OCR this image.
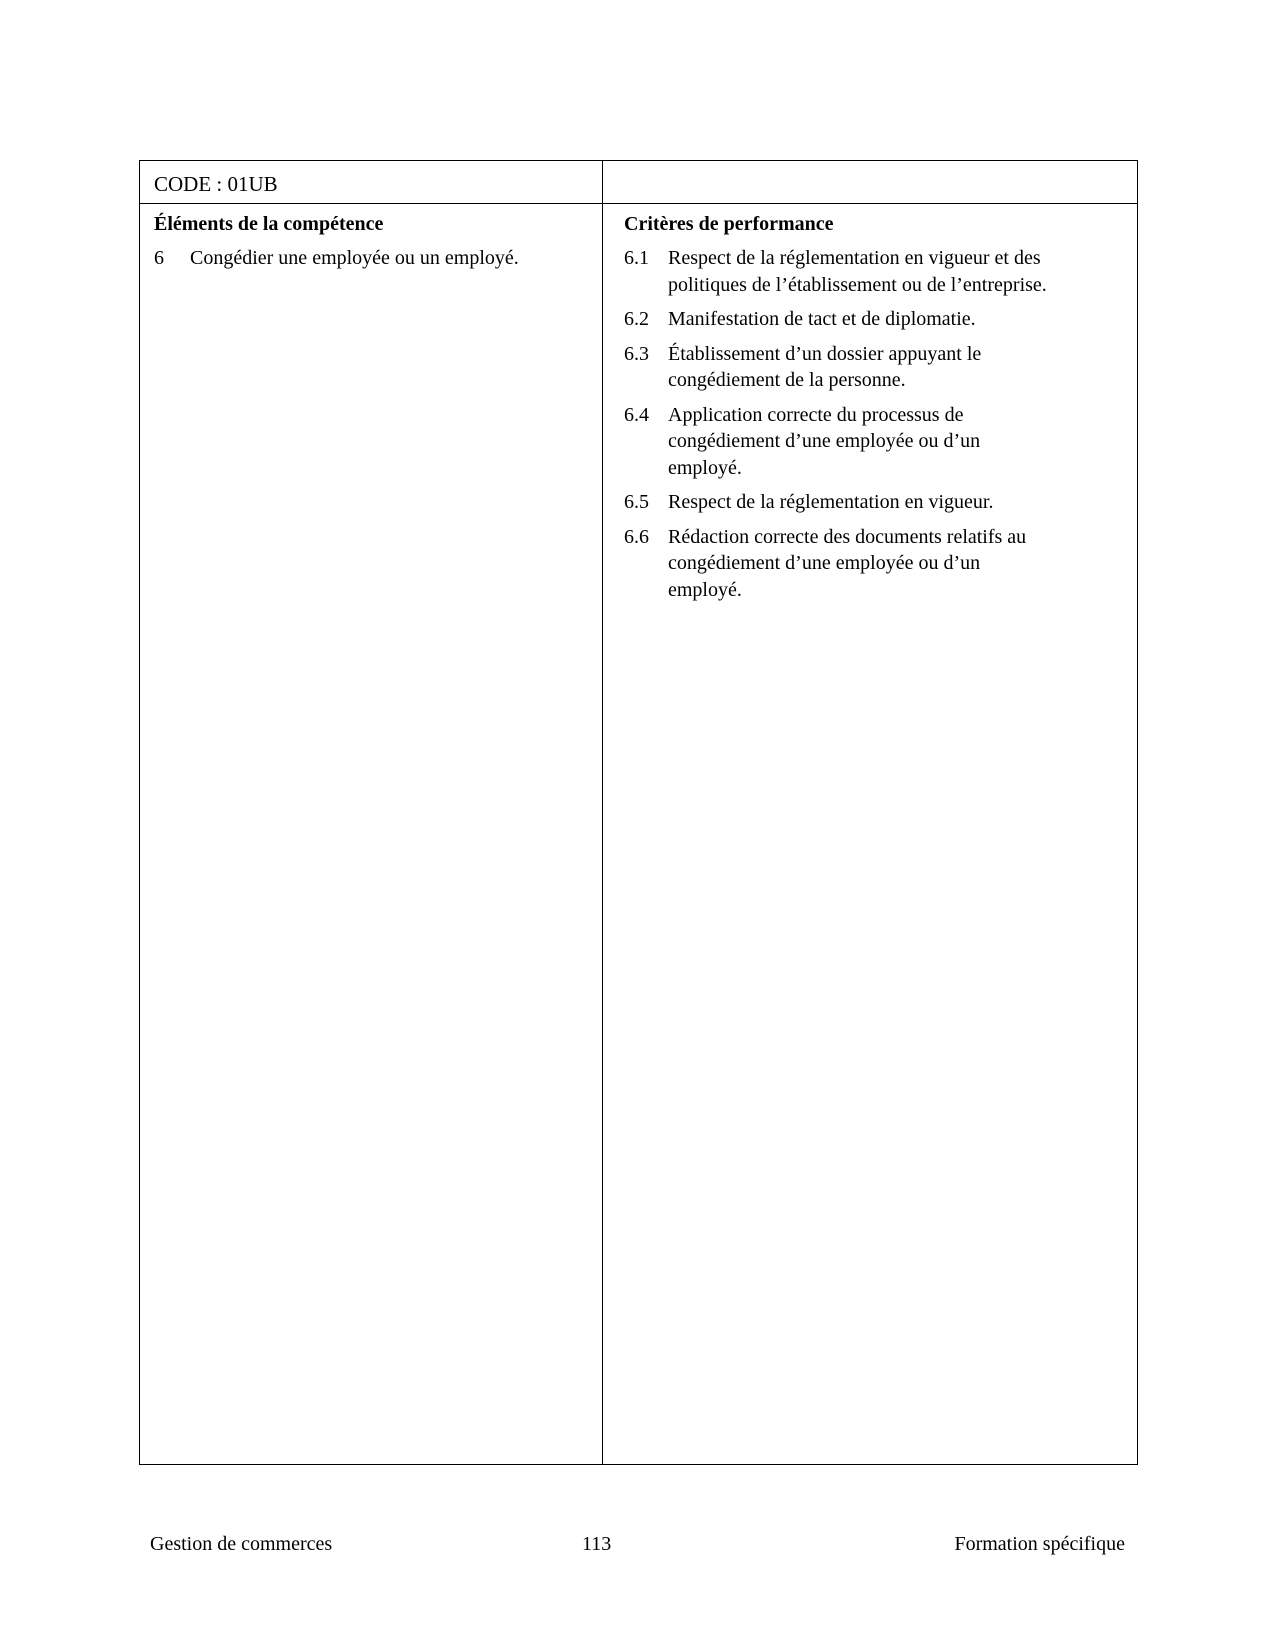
CODE : 01UB
Éléments de la compétence	Critères de performance
6 Congédier une employée ou un employé.	6.1 Respect de la réglementation en vigueur et des
politiques de l’établissement ou de l’entreprise.
6.2 Manifestation de tact et de diplomatie.
6.3 Établissement d’un dossier appuyant le
congédiement de la personne.
6.4 Application correcte du processus de
congédiement d’une employée ou d’un
employé.
6.5 Respect de la réglementation en vigueur.
6.6 Rédaction correcte des documents relatifs au
congédiement d’une employée ou d’un
employé.
Gestion de commerces	113	Formation spécifique
